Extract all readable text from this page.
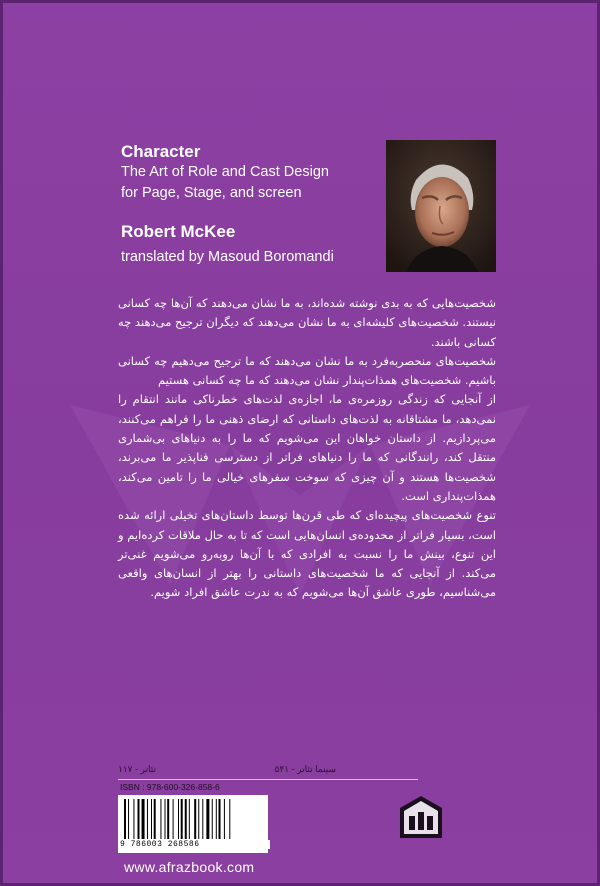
Character
The Art of Role and Cast Design
for Page, Stage, and screen
Robert McKee
translated by Masoud Boromandi

شخصیت‌هایی که به بدی نوشته شده‌اند، به ما نشان می‌دهند که آن‌ها چه کسانی نیستند. شخصیت‌های کلیشه‌ای به ما نشان می‌دهند که دیگران ترجیح می‌دهند چه کسانی باشند.

شخصیت‌های منحصربه‌فرد به ما نشان می‌دهند که ما ترجیح می‌دهیم چه کسانی باشیم. شخصیت‌های همذات‌پندار نشان می‌دهند که ما چه کسانی هستیم

از آنجایی که زندگی روزمره‌ی ما، اجازه‌ی لذت‌های خطرناکی مانند انتقام را نمی‌دهد، ما مشتاقانه به لذت‌های داستانی که ارضای ذهنی ما را فراهم می‌کنند، می‌پردازیم. از داستان خواهان این می‌شویم که ما را به دنیاهای بی‌شماری منتقل کند، رانندگانی که ما را دنیاهای فراتر از دسترسی فناپذیر ما می‌برند، شخصیت‌ها هستند و آن چیزی که سوخت سفرهای خیالی ما را تامین می‌کند، همذات‌پنداری است.

تنوع شخصیت‌های پیچیده‌ای که طی قرن‌ها توسط داستان‌های تخیلی ارائه شده است، بسیار فراتر از محدوده‌ی انسان‌هایی است که تا به حال ملاقات کرده‌ایم و این تنوع، بینش ما را نسبت به افرادی که با آن‌ها روبه‌رو می‌شویم غنی‌تر می‌کند. از آنجایی که ما شخصیت‌های داستانی را بهتر از انسان‌های واقعی می‌شناسیم، طوری عاشق آن‌ها می‌شویم که به ندرت عاشق افراد شویم.

تئاتر - ۱۱۷	سینما تئاتر - ۵۴۱
ISBN : 978-600-326-858-6
9 786003 268586
www.afrazbook.com
